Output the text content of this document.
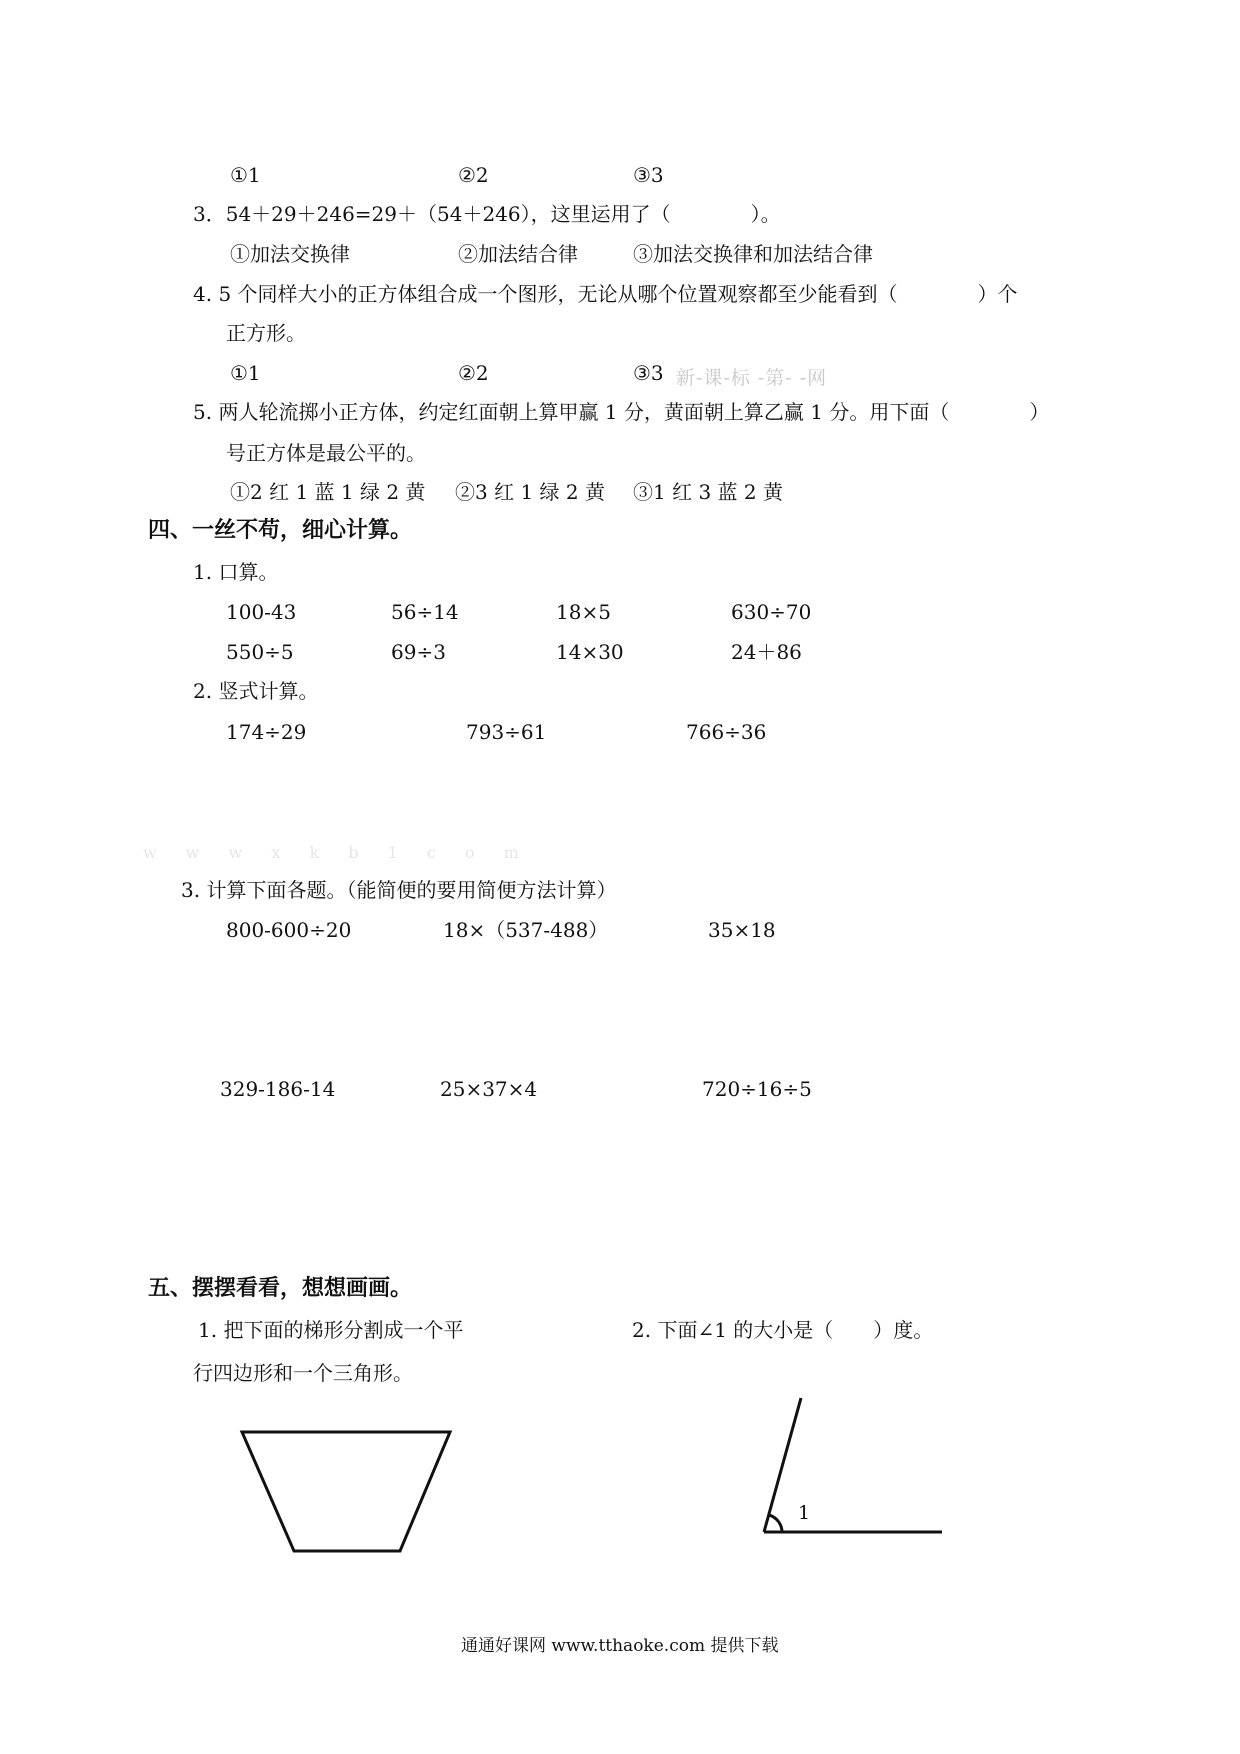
①1	②2	③3
3．54＋29＋246=29＋（54＋246），这里运用了（　　　　）。
①加法交换律	②加法结合律	③加法交换律和加法结合律
4. 5 个同样大小的正方体组合成一个图形，无论从哪个位置观察都至少能看到（　　　　）个
正方形。
①1	②2	③3 新-课-标 -第- -网
5. 两人轮流掷小正方体，约定红面朝上算甲赢 1 分，黄面朝上算乙赢 1 分。用下面（　　　　）
号正方体是最公平的。
①2 红 1 蓝 1 绿 2 黄 ②3 红 1 绿 2 黄 ③1 红 3 蓝 2 黄
四、一丝不苟，细心计算。
1. 口算。
100-43	56÷14	18×5	630÷70
550÷5	69÷3	14×30	24＋86
2. 竖式计算。
174÷29	793÷61	766÷36
w w w x k b 1 c o m
3. 计算下面各题。（能简便的要用简便方法计算）
800-600÷20	18×（537-488）	35×18
329-186-14	25×37×4	720÷16÷5
五、摆摆看看，想想画画。
1. 把下面的梯形分割成一个平
行四边形和一个三角形。
2. 下面∠1 的大小是（　　）度。
1
通通好课网 www.tthaoke.com 提供下载
